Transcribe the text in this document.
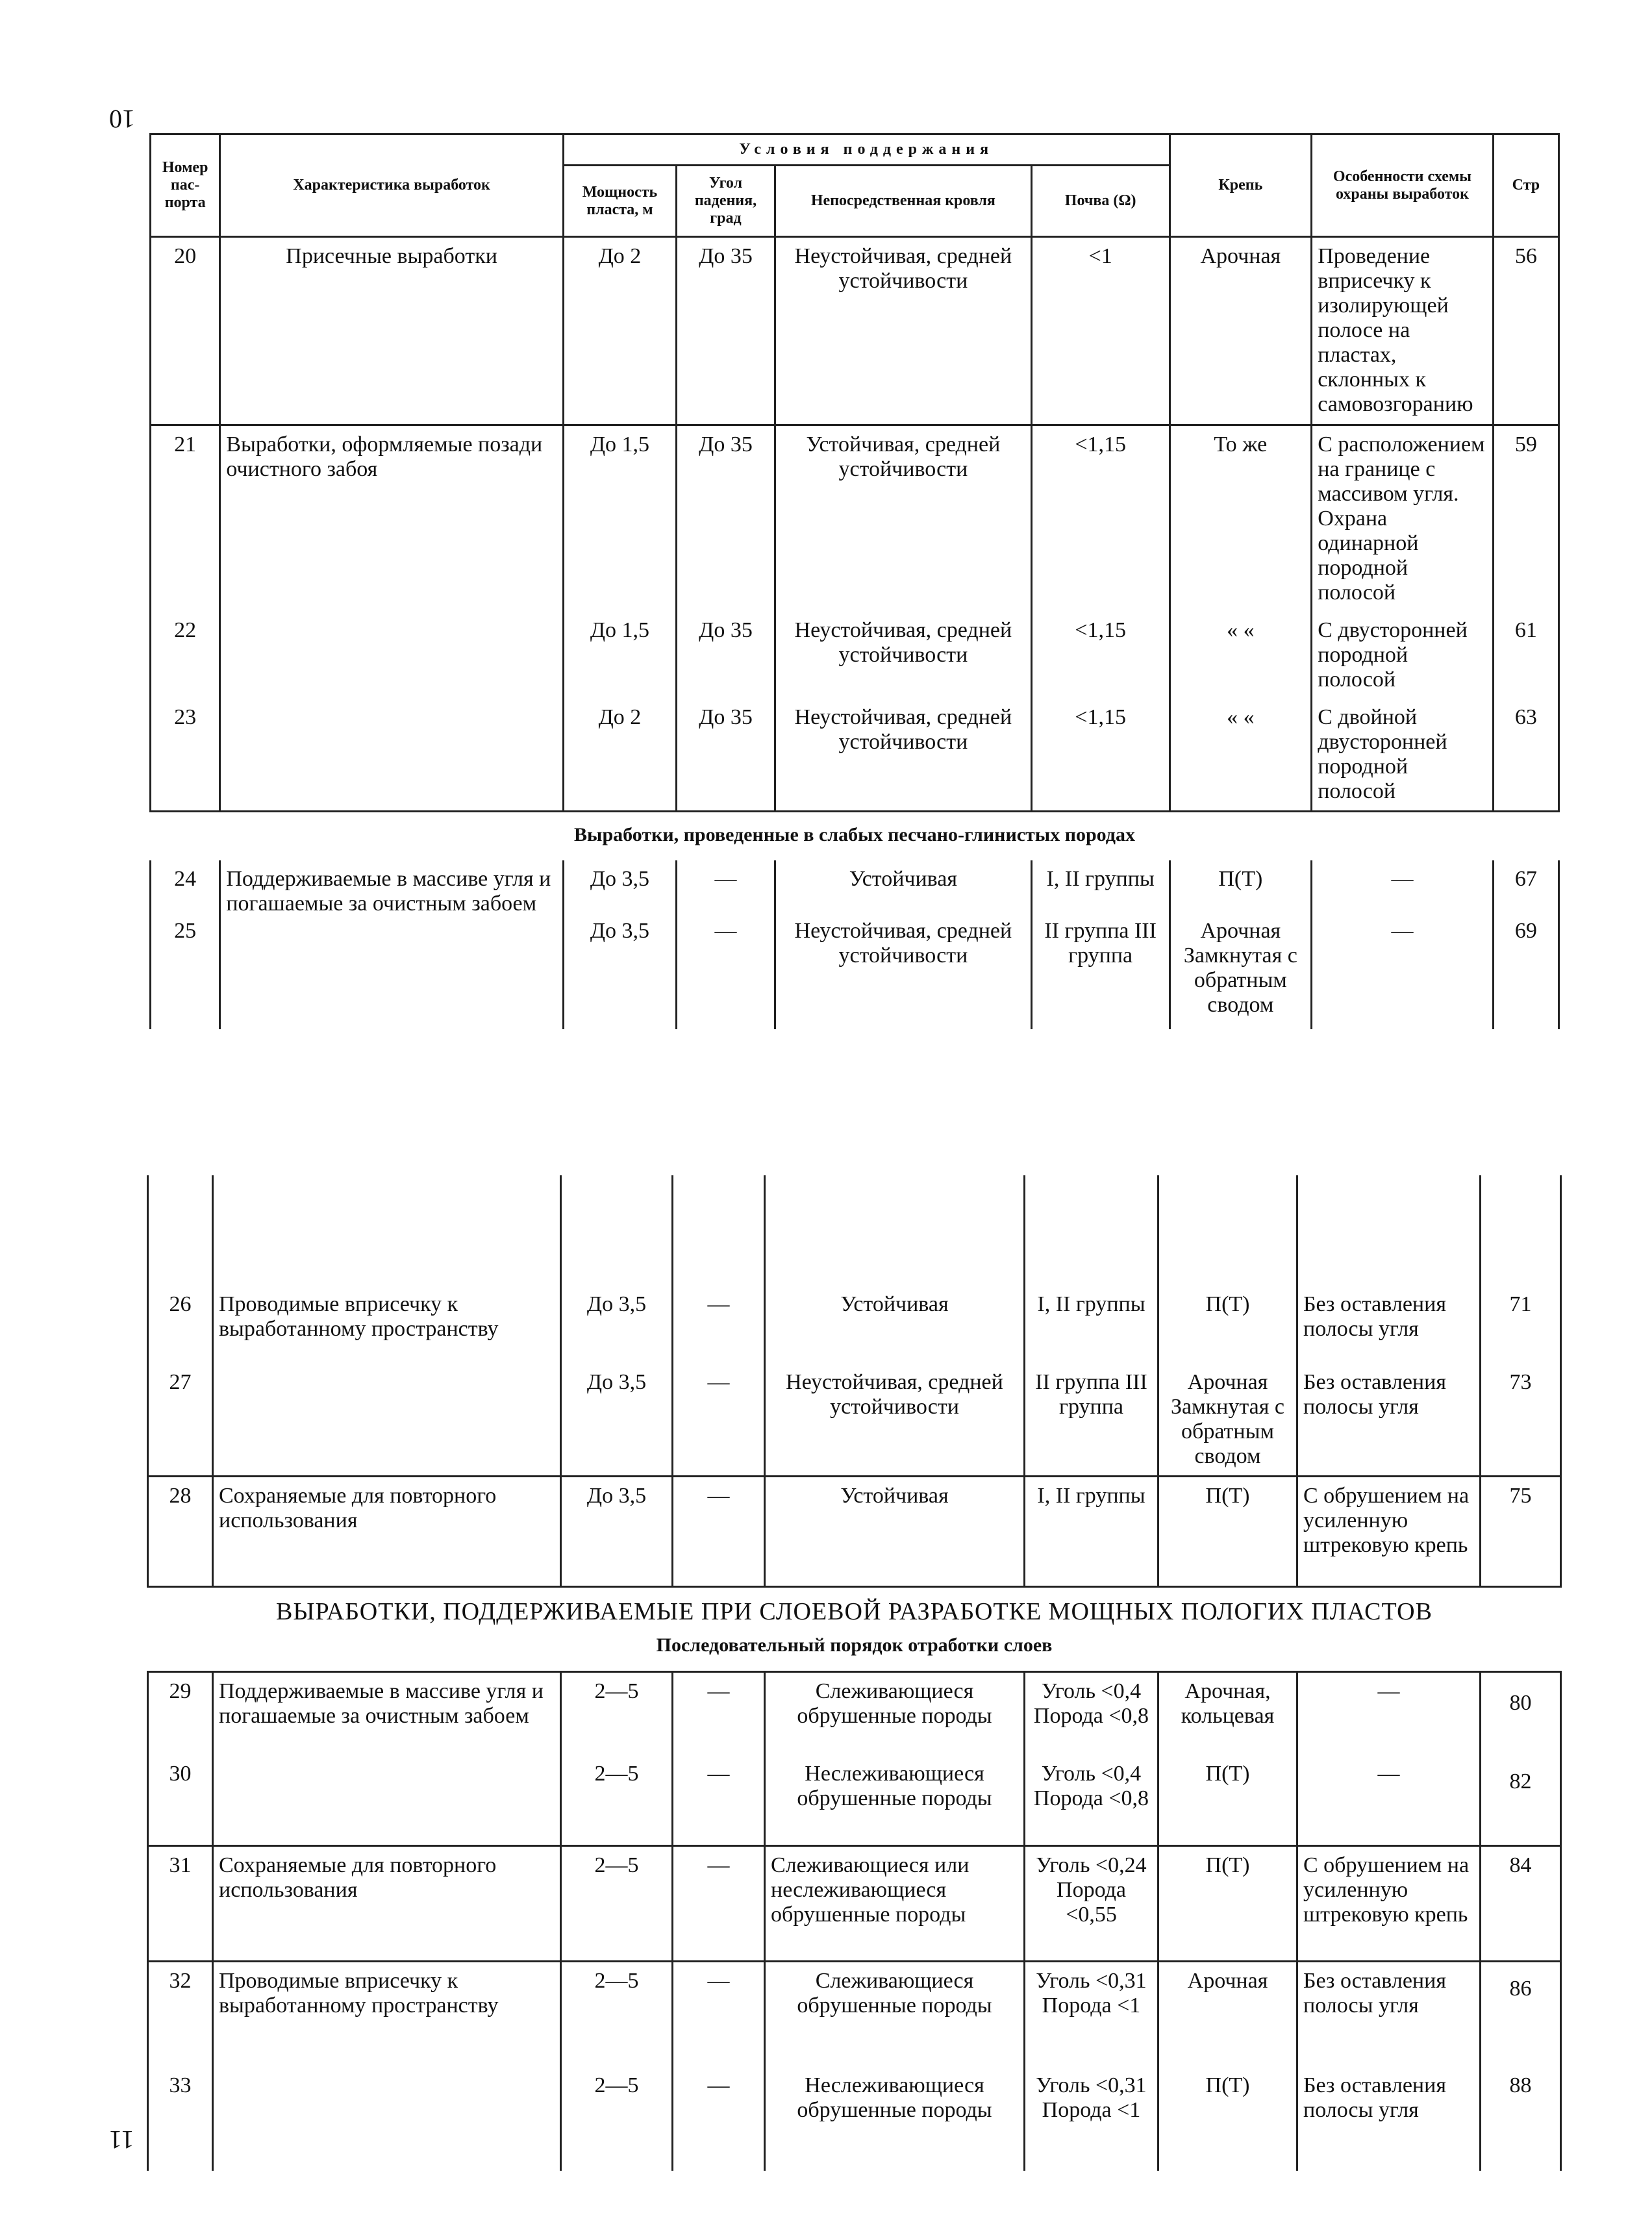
10
11
Номер пас- порта	Характеристика выработок	Условия поддержания				Крепь	Особенности схемы охраны выработок	Стр
		Мощность пласта, м	Угол падения, град	Непосредственная кровля	Почва (Ω)			
20	Присечные выработки	До 2	До 35	Неустойчивая, средней устойчивости	<1	Арочная	Проведение вприсечку к изолирующей полосе на пластах, склонных к самовозгоранию	56
21	Выработки, оформляемые позади очистного забоя	До 1,5	До 35	Устойчивая, средней устойчивости	<1,15	То же	С расположением на границе с массивом угля. Охрана одинарной породной полосой	59
22		До 1,5	До 35	Неустойчивая, средней устойчивости	<1,15	« «	С двусторонней породной полосой	61
23		До 2	До 35	Неустойчивая, средней устойчивости	<1,15	« «	С двойной двусторонней породной полосой	63
Выработки, проведенные в слабых песчано-глинистых породах								
24	Поддерживаемые в массиве угля и погашаемые за очистным забоем	До 3,5	—	Устойчивая	I, II группы	П(Т)	—	67
25		До 3,5	—	Неустойчивая, средней устойчивости	II группа III группа	Арочная Замкнутая с обратным сводом	—	69

26	Проводимые вприсечку к выработанному пространству	До 3,5	—	Устойчивая	I, II группы	П(Т)	Без оставления полосы угля	71
27		До 3,5	—	Неустойчивая, средней устойчивости	II группа III группа	Арочная Замкнутая с обратным сводом	Без оставления полосы угля	73
28	Сохраняемые для повторного использования	До 3,5	—	Устойчивая	I, II группы	П(Т)	С обрушением на усиленную штрековую крепь	75
ВЫРАБОТКИ, ПОДДЕРЖИВАЕМЫЕ ПРИ СЛОЕВОЙ РАЗРАБОТКЕ МОЩНЫХ ПОЛОГИХ ПЛАСТОВ								
Последовательный порядок отработки слоев								
29	Поддерживаемые в массиве угля и погашаемые за очистным забоем	2—5	—	Слеживающиеся обрушенные породы	Уголь <0,4 Порода <0,8	Арочная, кольцевая	—	80
30		2—5	—	Неслеживающиеся обрушенные породы	Уголь <0,4 Порода <0,8	П(Т)	—	82
31	Сохраняемые для повторного использования	2—5	—	Слеживающиеся или неслеживающиеся обрушенные породы	Уголь <0,24 Порода <0,55	П(Т)	С обрушением на усиленную штрековую крепь	84
32	Проводимые вприсечку к выработанному пространству	2—5	—	Слеживающиеся обрушенные породы	Уголь <0,31 Порода <1	Арочная	Без оставления полосы угля	86
33		2—5	—	Неслеживающиеся обрушенные породы	Уголь <0,31 Порода <1	П(Т)	Без оставления полосы угля	88
